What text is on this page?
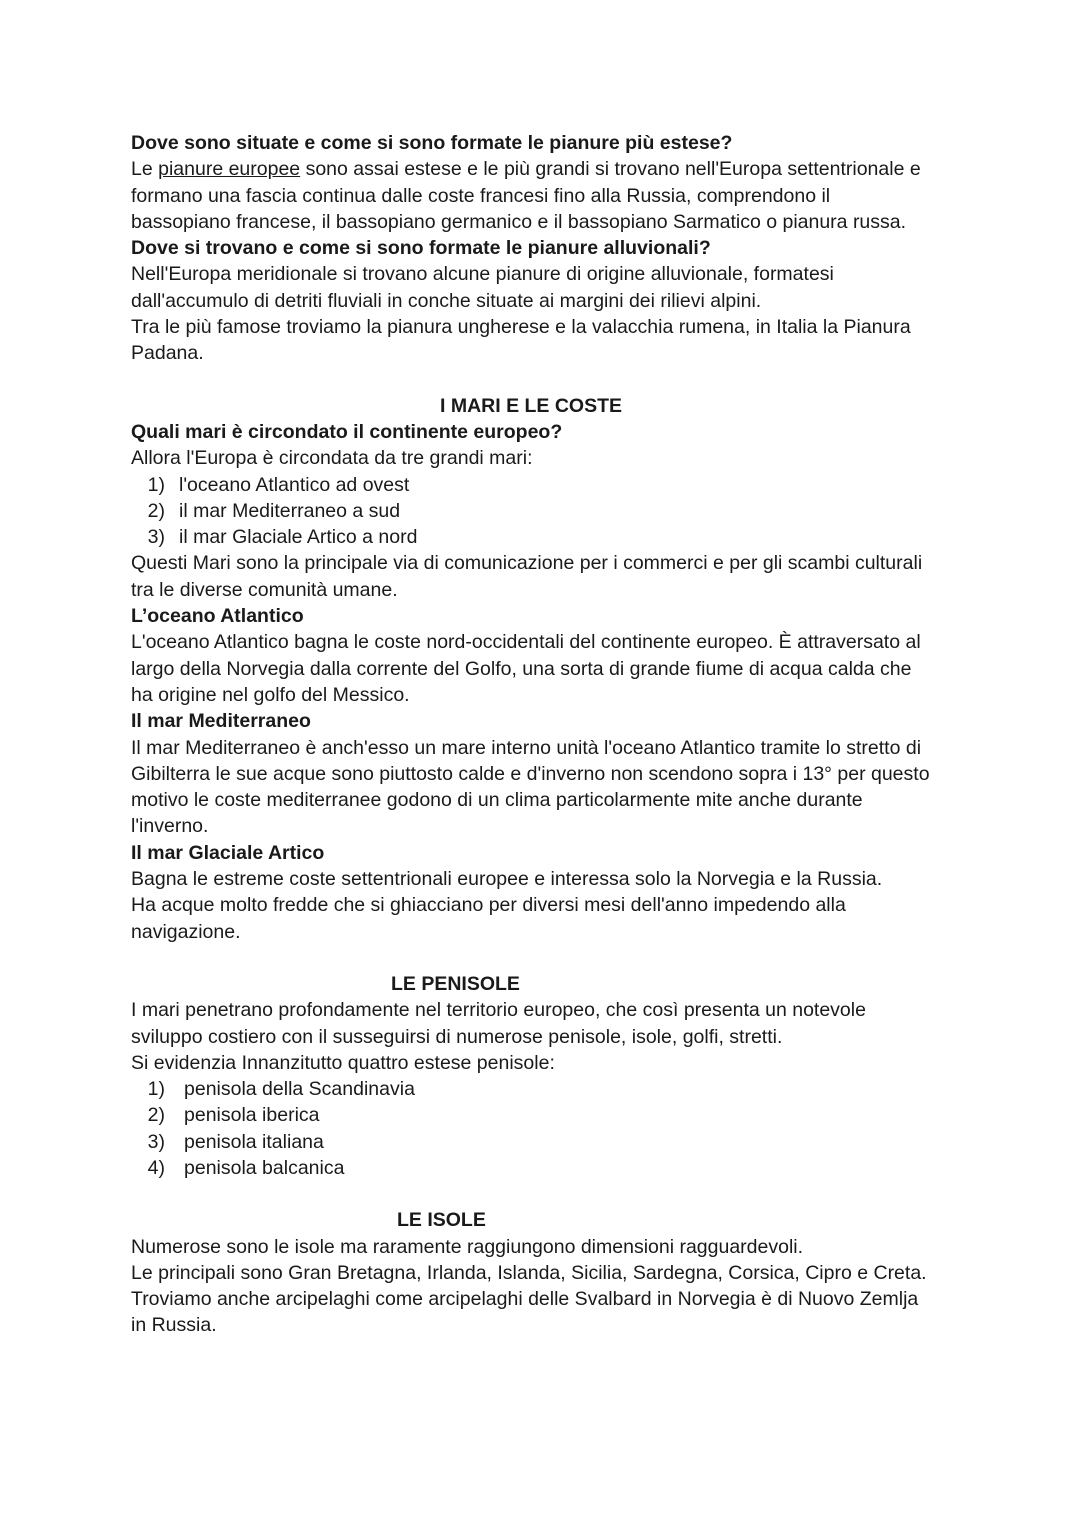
Dove sono situate e come si sono formate le pianure più estese?

Le pianure europee sono assai estese e le più grandi si trovano nell'Europa settentrionale e

formano una fascia continua dalle coste francesi fino alla Russia, comprendono il

bassopiano francese, il bassopiano germanico e il bassopiano Sarmatico o pianura russa.

Dove si trovano e come si sono formate le pianure alluvionali?

Nell'Europa meridionale si trovano alcune pianure di origine alluvionale, formatesi

dall'accumulo di detriti fluviali in conche situate ai margini dei rilievi alpini.

Tra le più famose troviamo la pianura ungherese e la valacchia rumena, in Italia la Pianura

Padana.

I MARI E LE COSTE

Quali mari è circondato il continente europeo?

Allora l'Europa è circondata da tre grandi mari:

1) l'oceano Atlantico ad ovest
2) il mar Mediterraneo a sud
3) il mar Glaciale Artico a nord

Questi Mari sono la principale via di comunicazione per i commerci e per gli scambi culturali

tra le diverse comunità umane.

L’oceano Atlantico

L'oceano Atlantico bagna le coste nord-occidentali del continente europeo. È attraversato al

largo della Norvegia dalla corrente del Golfo, una sorta di grande fiume di acqua calda che

ha origine nel golfo del Messico.

Il mar Mediterraneo

Il mar Mediterraneo è anch'esso un mare interno unità l'oceano Atlantico tramite lo stretto di

Gibilterra le sue acque sono piuttosto calde e d'inverno non scendono sopra i 13° per questo

motivo le coste mediterranee godono di un clima particolarmente mite anche durante

l'inverno.

Il mar Glaciale Artico

Bagna le estreme coste settentrionali europee e interessa solo la Norvegia e la Russia.

Ha acque molto fredde che si ghiacciano per diversi mesi dell'anno impedendo alla

navigazione.

LE PENISOLE

I mari penetrano profondamente nel territorio europeo, che così presenta un notevole

sviluppo costiero con il susseguirsi di numerose penisole, isole, golfi, stretti.

Si evidenzia Innanzitutto quattro estese penisole:

1) penisola della Scandinavia
2) penisola iberica
3) penisola italiana
4) penisola balcanica

LE ISOLE

Numerose sono le isole ma raramente raggiungono dimensioni ragguardevoli.

Le principali sono Gran Bretagna, Irlanda, Islanda, Sicilia, Sardegna, Corsica, Cipro e Creta.

Troviamo anche arcipelaghi come arcipelaghi delle Svalbard in Norvegia è di Nuovo Zemlja

in Russia.
